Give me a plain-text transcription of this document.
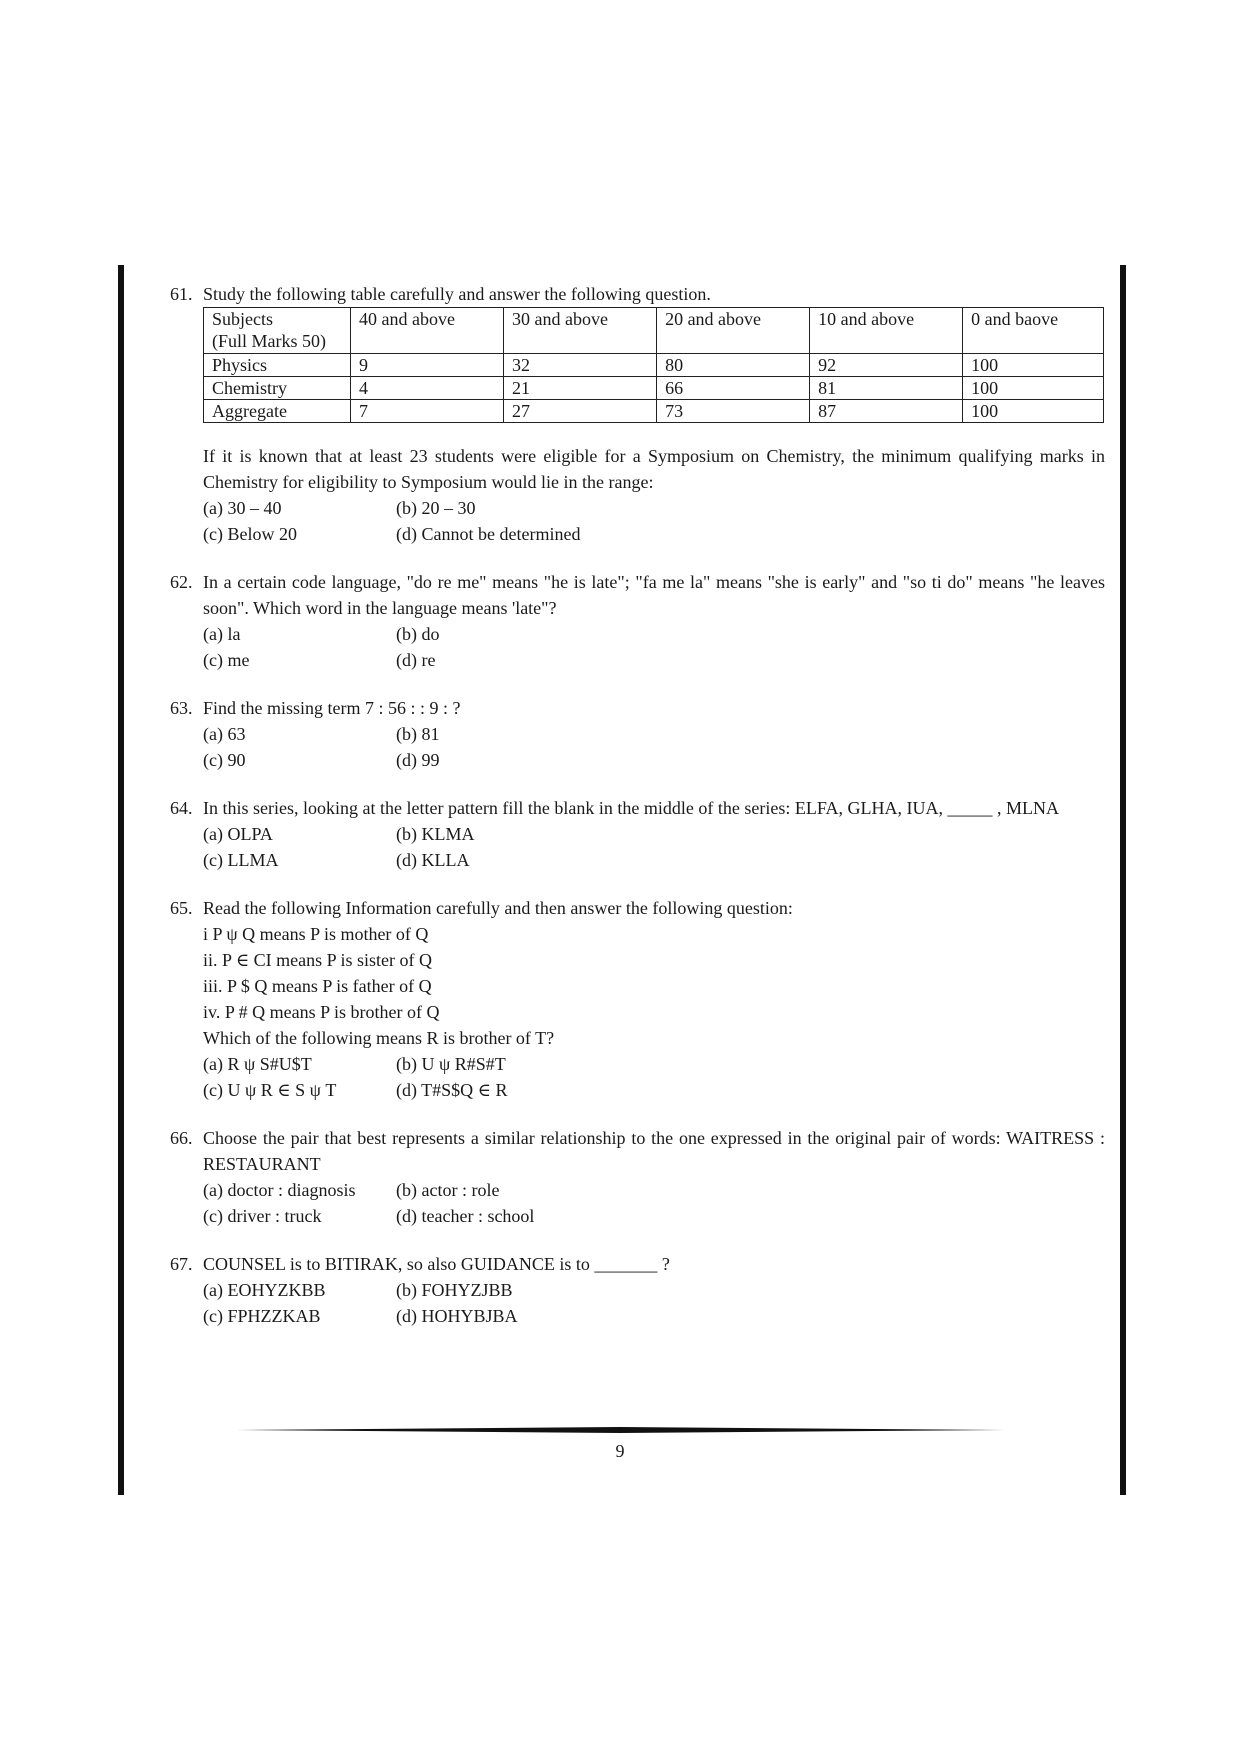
61. Study the following table carefully and answer the following question.
Subjects
(Full Marks 50)	40 and above	30 and above	20 and above	10 and above	0 and baove
Physics	9	32	80	92	100
Chemistry	4	21	66	81	100
Aggregate	7	27	73	87	100
If it is known that at least 23 students were eligible for a Symposium on Chemistry, the minimum qualifying marks in Chemistry for eligibility to Symposium would lie in the range:
(a) 30 – 40	(b) 20 – 30
(c) Below 20	(d) Cannot be determined
62. In a certain code language, "do re me" means "he is late"; "fa me la" means "she is early" and "so ti do" means "he leaves soon". Which word in the language means 'late"?
(a) la	(b) do
(c) me	(d) re
63. Find the missing term 7 : 56 : : 9 : ?
(a) 63	(b) 81
(c) 90	(d) 99
64. In this series, looking at the letter pattern fill the blank in the middle of the series: ELFA, GLHA, IUA, _____ , MLNA
(a) OLPA	(b) KLMA
(c) LLMA	(d) KLLA
65. Read the following Information carefully and then answer the following question:
i P ψ Q means P is mother of Q
ii. P ∈ CI means P is sister of Q
iii. P $ Q means P is father of Q
iv. P # Q means P is brother of Q
Which of the following means R is brother of T?
(a) R ψ S#U$T	(b) U ψ R#S#T
(c) U ψ R ∈ S ψ T	(d) T#S$Q ∈ R
66. Choose the pair that best represents a similar relationship to the one expressed in the original pair of words: WAITRESS : RESTAURANT
(a) doctor : diagnosis	(b) actor : role
(c) driver : truck	(d) teacher : school
67. COUNSEL is to BITIRAK, so also GUIDANCE is to _______ ?
(a) EOHYZKBB	(b) FOHYZJBB
(c) FPHZZKAB	(d) HOHYBJBA
9
